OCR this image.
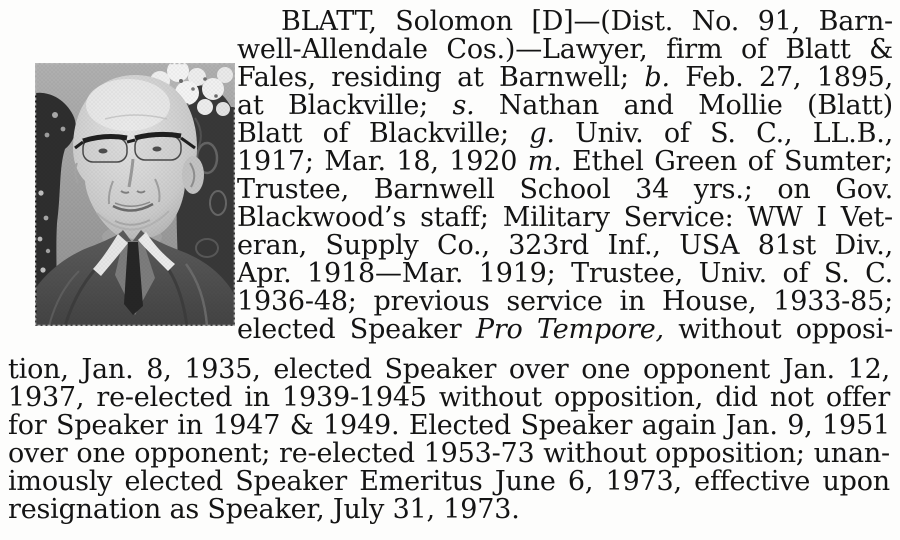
BLATT, Solomon [D]—(Dist. No. 91, Barn-
well-Allendale Cos.)—Lawyer, firm of Blatt &
Fales, residing at Barnwell; b. Feb. 27, 1895,
at Blackville; s. Nathan and Mollie (Blatt)
Blatt of Blackville; g. Univ. of S. C., LL.B.,
1917; Mar. 18, 1920 m. Ethel Green of Sumter;
Trustee, Barnwell School 34 yrs.; on Gov.
Blackwood’s staff; Military Service: WW I Vet-
eran, Supply Co., 323rd Inf., USA 81st Div.,
Apr. 1918—Mar. 1919; Trustee, Univ. of S. C.
1936-48; previous service in House, 1933-85;
elected Speaker Pro Tempore, without opposi-
tion, Jan. 8, 1935, elected Speaker over one opponent Jan. 12,
1937, re-elected in 1939-1945 without opposition, did not offer
for Speaker in 1947 & 1949. Elected Speaker again Jan. 9, 1951
over one opponent; re-elected 1953-73 without opposition; unan-
imously elected Speaker Emeritus June 6, 1973, effective upon
resignation as Speaker, July 31, 1973.
